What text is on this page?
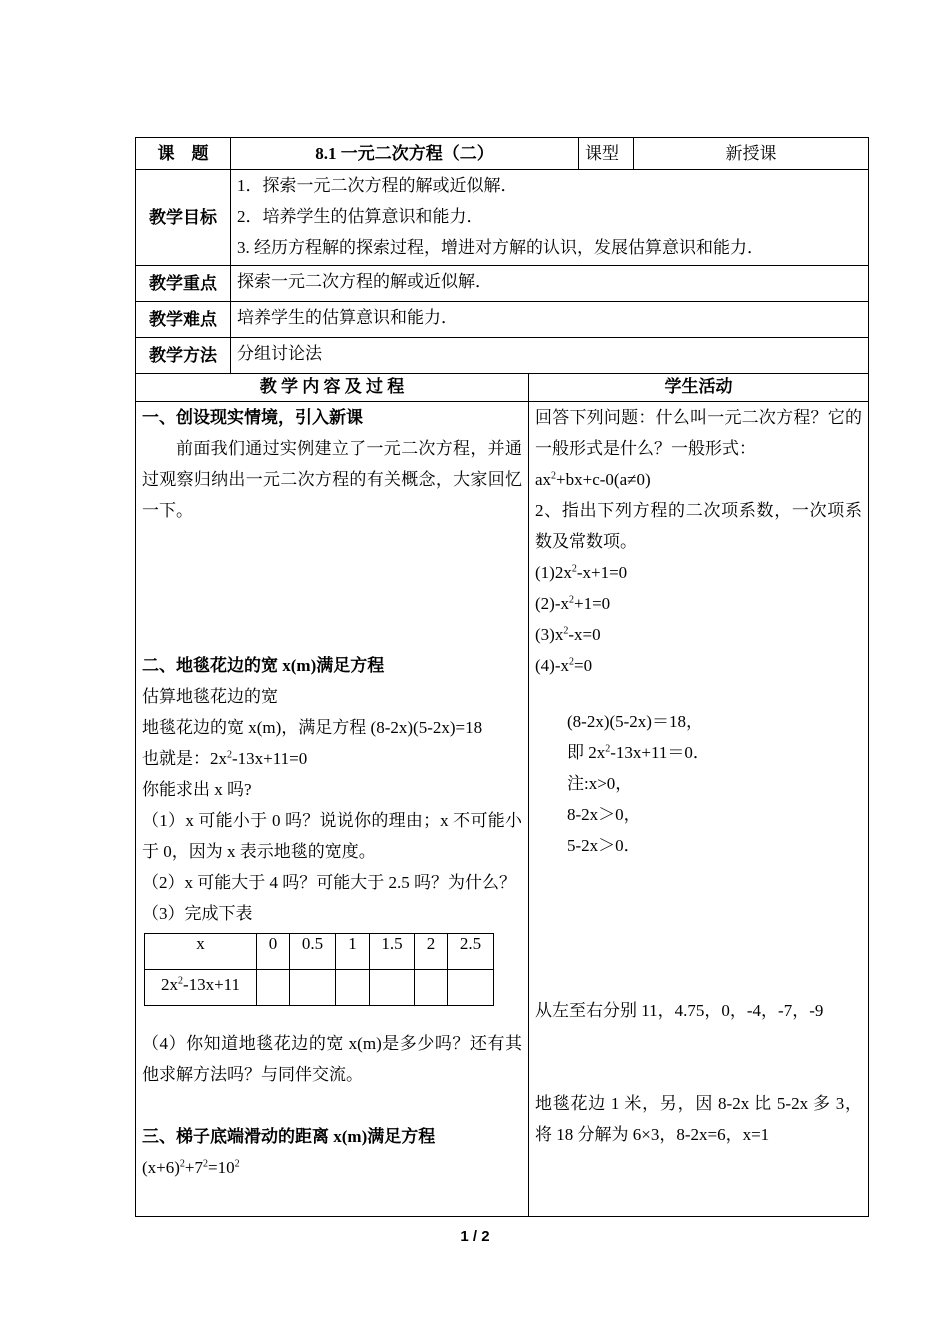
课　题	8.1 一元二次方程（二）	课型	新授课
教学目标	
1．探索一元二次方程的解或近似解．
2．培养学生的估算意识和能力．
3. 经历方程解的探索过程，增进对方解的认识，发展估算意识和能力．

教学重点	探索一元二次方程的解或近似解．
教学难点	培养学生的估算意识和能力．
教学方法	分组讨论法
教 学 内 容 及 过 程	学生活动

一、创设现实情境，引入新课
前面我们通过实例建立了一元二次方程，并通过观察归纳出一元二次方程的有关概念，大家回忆一下。
二、地毯花边的宽 x(m)满足方程
估算地毯花边的宽
地毯花边的宽 x(m)，满足方程 (8-2x)(5-2x)=18
也就是：$2x^2-13x+11=0$
你能求出 x 吗?
（1）x 可能小于 0 吗？说说你的理由；x 不可能小于 0，因为 x 表示地毯的宽度。
（2）x 可能大于 4 吗？可能大于 2.5 吗？为什么？
（3）完成下表
x	0	0.5	1	1.5	2	2.5
$2x^2-13x+11$						
（4）你知道地毯花边的宽 x(m)是多少吗？还有其他求解方法吗？与同伴交流。
三、梯子底端滑动的距离 x(m)满足方程
$(x+6)^2+7^2=10^2$

回答下列问题：什么叫一元二次方程？它的一般形式是什么？一般形式：
$ax^2+bx+c-0(a\ne 0)$
2、指出下列方程的二次项系数，一次项系数及常数项。
$(1)2x^2-x+1=0$
$(2)-x^2+1=0$
$(3)x^2-x=0$
$(4)-x^2=0$
(8-2x)(5-2x)＝18，
即 $2x^2-13x+11=0$．
注:x>0，
8-2x＞0，
5-2x＞0．
从左至右分别 11，4.75，0，-4，-7，-9
地毯花边 1 米，另，因 8-2x 比 5-2x 多 3，将 18 分解为 6×3，8-2x=6，x=1
1 / 2
